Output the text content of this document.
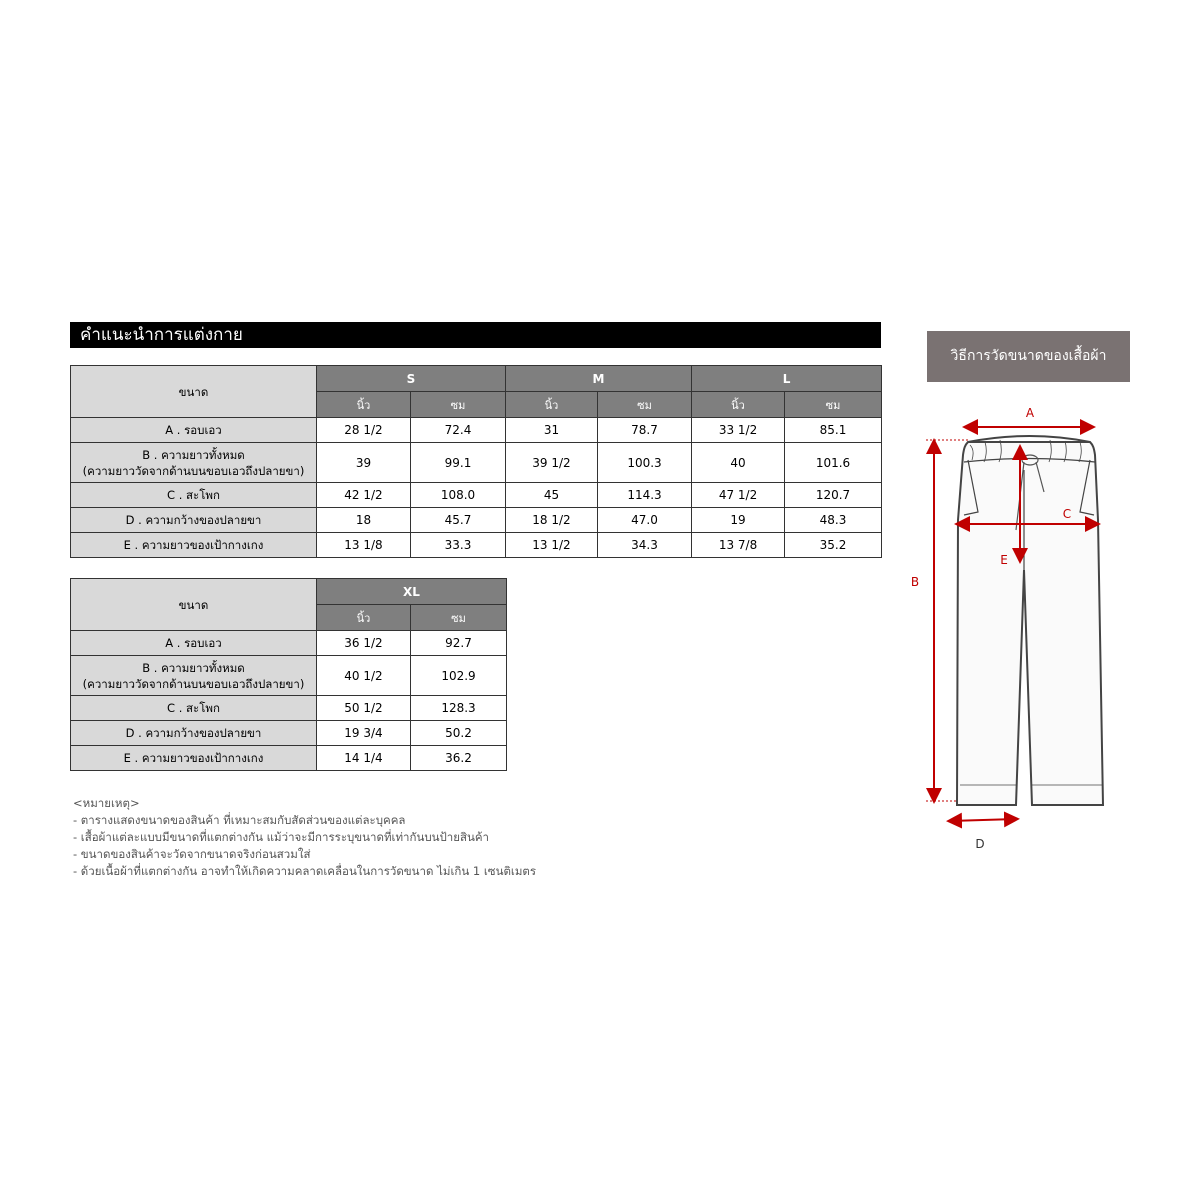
คำแนะนำการแต่งกาย
ขนาด	S		M		L	
	นิ้ว	ซม	นิ้ว	ซม	นิ้ว	ซม

A . รอบเอว	28 1/2	72.4	31	78.7	33 1/2	85.1

B . ความยาวทั้งหมด
(ความยาววัดจากด้านบนขอบเอวถึงปลายขา)	39	99.1	39 1/2	100.3	40	101.6

C . สะโพก	42 1/2	108.0	45	114.3	47 1/2	120.7

D . ความกว้างของปลายขา	18	45.7	18 1/2	47.0	19	48.3

E . ความยาวของเป้ากางเกง	13 1/8	33.3	13 1/2	34.3	13 7/8	35.2
ขนาด	XL	
	นิ้ว	ซม

A . รอบเอว	36 1/2	92.7

B . ความยาวทั้งหมด
(ความยาววัดจากด้านบนขอบเอวถึงปลายขา)	40 1/2	102.9

C . สะโพก	50 1/2	128.3

D . ความกว้างของปลายขา	19 3/4	50.2

E . ความยาวของเป้ากางเกง	14 1/4	36.2
<หมายเหตุ>
- ตารางแสดงขนาดของสินค้า ที่เหมาะสมกับสัดส่วนของแต่ละบุคคล
- เสื้อผ้าแต่ละแบบมีขนาดที่แตกต่างกัน แม้ว่าจะมีการระบุขนาดที่เท่ากันบนป้ายสินค้า
- ขนาดของสินค้าจะวัดจากขนาดจริงก่อนสวมใส่
- ด้วยเนื้อผ้าที่แตกต่างกัน อาจทำให้เกิดความคลาดเคลื่อนในการวัดขนาด ไม่เกิน 1 เซนติเมตร
วิธีการวัดขนาดของเสื้อผ้า
A
B
C
E
D
